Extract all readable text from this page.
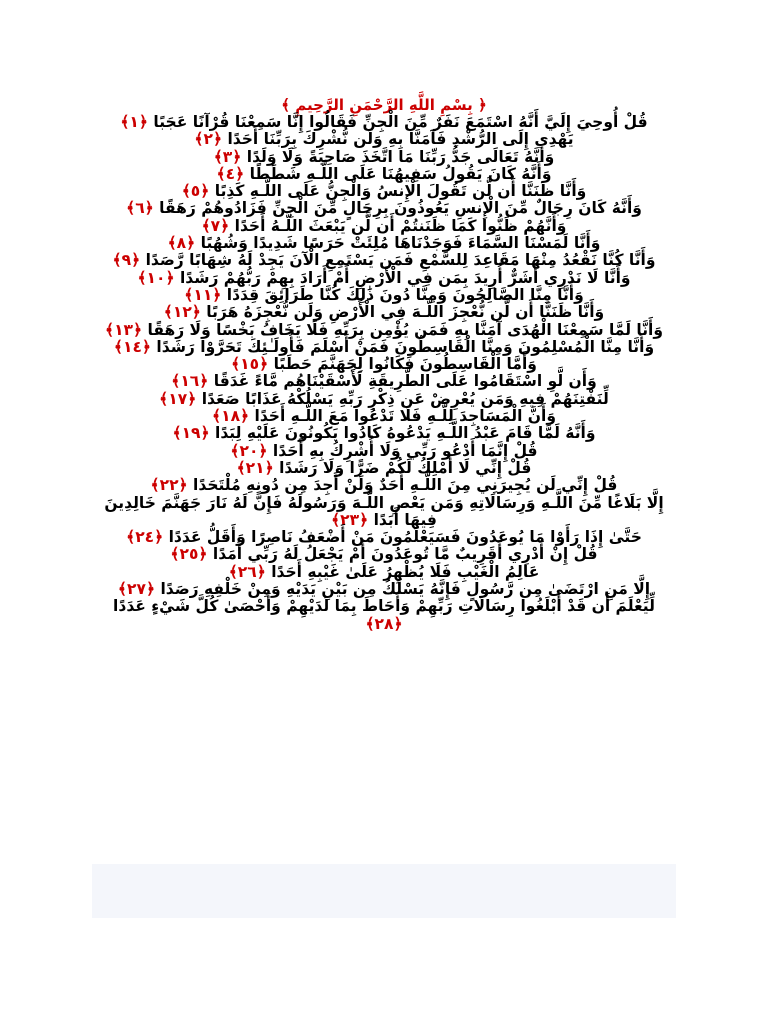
﴿ بِسْمِ اللَّهِ الرَّحْمَنِ الرَّحِيمِ ﴾
قُلْ أُوحِيَ إِلَيَّ أَنَّهُ اسْتَمَعَ نَفَرٌ مِّنَ الْجِنِّ فَقَالُوا إِنَّا سَمِعْنَا قُرْآنًا عَجَبًا ﴿١﴾
يَهْدِي إِلَى الرُّشْدِ فَآمَنَّا بِهِ وَلَن نُّشْرِكَ بِرَبِّنَا أَحَدًا ﴿٢﴾
وَأَنَّهُ تَعَالَى جَدُّ رَبِّنَا مَا اتَّخَذَ صَاحِبَةً وَلَا وَلَدًا ﴿٣﴾
وَأَنَّهُ كَانَ يَقُولُ سَفِيهُنَا عَلَى اللَّـهِ شَطَطًا ﴿٤﴾
وَأَنَّا ظَنَنَّا أَن لَّن تَقُولَ الْإِنسُ وَالْجِنُّ عَلَى اللَّـهِ كَذِبًا ﴿٥﴾
وَأَنَّهُ كَانَ رِجَالٌ مِّنَ الْإِنسِ يَعُوذُونَ بِرِجَالٍ مِّنَ الْجِنِّ فَزَادُوهُمْ رَهَقًا ﴿٦﴾
وَأَنَّهُمْ ظَنُّوا كَمَا ظَنَنتُمْ أَن لَّن يَبْعَثَ اللَّـهُ أَحَدًا ﴿٧﴾
وَأَنَّا لَمَسْنَا السَّمَاءَ فَوَجَدْنَاهَا مُلِئَتْ حَرَسًا شَدِيدًا وَشُهُبًا ﴿٨﴾
وَأَنَّا كُنَّا نَقْعُدُ مِنْهَا مَقَاعِدَ لِلسَّمْعِ فَمَن يَسْتَمِعِ الْآنَ يَجِدْ لَهُ شِهَابًا رَّصَدًا ﴿٩﴾
وَأَنَّا لَا نَدْرِي أَشَرٌّ أُرِيدَ بِمَن فِي الْأَرْضِ أَمْ أَرَادَ بِهِمْ رَبُّهُمْ رَشَدًا ﴿١٠﴾
وَأَنَّا مِنَّا الصَّالِحُونَ وَمِنَّا دُونَ ذَٰلِكَ كُنَّا طَرَائِقَ قِدَدًا ﴿١١﴾
وَأَنَّا ظَنَنَّا أَن لَّن نُّعْجِزَ اللَّـهَ فِي الْأَرْضِ وَلَن نُّعْجِزَهُ هَرَبًا ﴿١٢﴾
وَأَنَّا لَمَّا سَمِعْنَا الْهُدَى آمَنَّا بِهِ فَمَن يُؤْمِن بِرَبِّهِ فَلَا يَخَافُ بَخْسًا وَلَا رَهَقًا ﴿١٣﴾
وَأَنَّا مِنَّا الْمُسْلِمُونَ وَمِنَّا الْقَاسِطُونَ فَمَنْ أَسْلَمَ فَأُولَـٰئِكَ تَحَرَّوْا رَشَدًا ﴿١٤﴾
وَأَمَّا الْقَاسِطُونَ فَكَانُوا لِجَهَنَّمَ حَطَبًا ﴿١٥﴾
وَأَن لَّوِ اسْتَقَامُوا عَلَى الطَّرِيقَةِ لَأَسْقَيْنَاهُم مَّاءً غَدَقًا ﴿١٦﴾
لِّنَفْتِنَهُمْ فِيهِ وَمَن يُعْرِضْ عَن ذِكْرِ رَبِّهِ يَسْلُكْهُ عَذَابًا صَعَدًا ﴿١٧﴾
وَأَنَّ الْمَسَاجِدَ لِلَّـهِ فَلَا تَدْعُوا مَعَ اللَّـهِ أَحَدًا ﴿١٨﴾
وَأَنَّهُ لَمَّا قَامَ عَبْدُ اللَّـهِ يَدْعُوهُ كَادُوا يَكُونُونَ عَلَيْهِ لِبَدًا ﴿١٩﴾
قُلْ إِنَّمَا أَدْعُو رَبِّي وَلَا أُشْرِكُ بِهِ أَحَدًا ﴿٢٠﴾
قُلْ إِنِّي لَا أَمْلِكُ لَكُمْ ضَرًّا وَلَا رَشَدًا ﴿٢١﴾
قُلْ إِنِّي لَن يُجِيرَنِي مِنَ اللَّـهِ أَحَدٌ وَلَنْ أَجِدَ مِن دُونِهِ مُلْتَحَدًا ﴿٢٢﴾
إِلَّا بَلَاغًا مِّنَ اللَّـهِ وَرِسَالَاتِهِ وَمَن يَعْصِ اللَّـهَ وَرَسُولَهُ فَإِنَّ لَهُ نَارَ جَهَنَّمَ خَالِدِينَ فِيهَا أَبَدًا ﴿٢٣﴾
حَتَّىٰ إِذَا رَأَوْا مَا يُوعَدُونَ فَسَيَعْلَمُونَ مَنْ أَضْعَفُ نَاصِرًا وَأَقَلُّ عَدَدًا ﴿٢٤﴾
قُلْ إِنْ أَدْرِي أَقَرِيبٌ مَّا تُوعَدُونَ أَمْ يَجْعَلُ لَهُ رَبِّي أَمَدًا ﴿٢٥﴾
عَالِمُ الْغَيْبِ فَلَا يُظْهِرُ عَلَىٰ غَيْبِهِ أَحَدًا ﴿٢٦﴾
إِلَّا مَنِ ارْتَضَىٰ مِن رَّسُولٍ فَإِنَّهُ يَسْلُكُ مِن بَيْنِ يَدَيْهِ وَمِنْ خَلْفِهِ رَصَدًا ﴿٢٧﴾
لِّيَعْلَمَ أَن قَدْ أَبْلَغُوا رِسَالَاتِ رَبِّهِمْ وَأَحَاطَ بِمَا لَدَيْهِمْ وَأَحْصَىٰ كُلَّ شَيْءٍ عَدَدًا ﴿٢٨﴾
